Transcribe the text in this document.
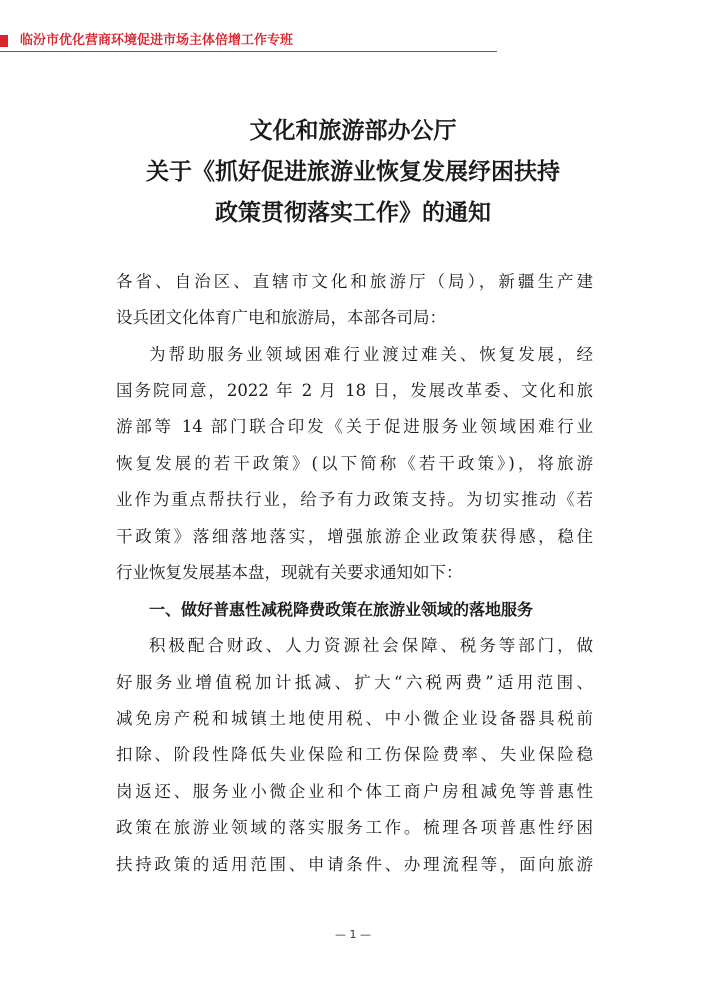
临汾市优化营商环境促进市场主体倍增工作专班
文化和旅游部办公厅
关于《抓好促进旅游业恢复发展纾困扶持
政策贯彻落实工作》的通知
各省、自治区、直辖市文化和旅游厅（局），新疆生产建
设兵团文化体育广电和旅游局，本部各司局：
为帮助服务业领域困难行业渡过难关、恢复发展，经
国务院同意，2022 年 2 月 18 日，发展改革委、文化和旅
游部等 14 部门联合印发《关于促进服务业领域困难行业
恢复发展的若干政策》(以下简称《若干政策》)，将旅游
业作为重点帮扶行业，给予有力政策支持。为切实推动《若
干政策》落细落地落实，增强旅游企业政策获得感，稳住
行业恢复发展基本盘，现就有关要求通知如下：
一、做好普惠性减税降费政策在旅游业领域的落地服务
积极配合财政、人力资源社会保障、税务等部门，做
好服务业增值税加计抵减、扩大“六税两费”适用范围、
减免房产税和城镇土地使用税、中小微企业设备器具税前
扣除、阶段性降低失业保险和工伤保险费率、失业保险稳
岗返还、服务业小微企业和个体工商户房租减免等普惠性
政策在旅游业领域的落实服务工作。梳理各项普惠性纾困
扶持政策的适用范围、申请条件、办理流程等，面向旅游
— 1 —
